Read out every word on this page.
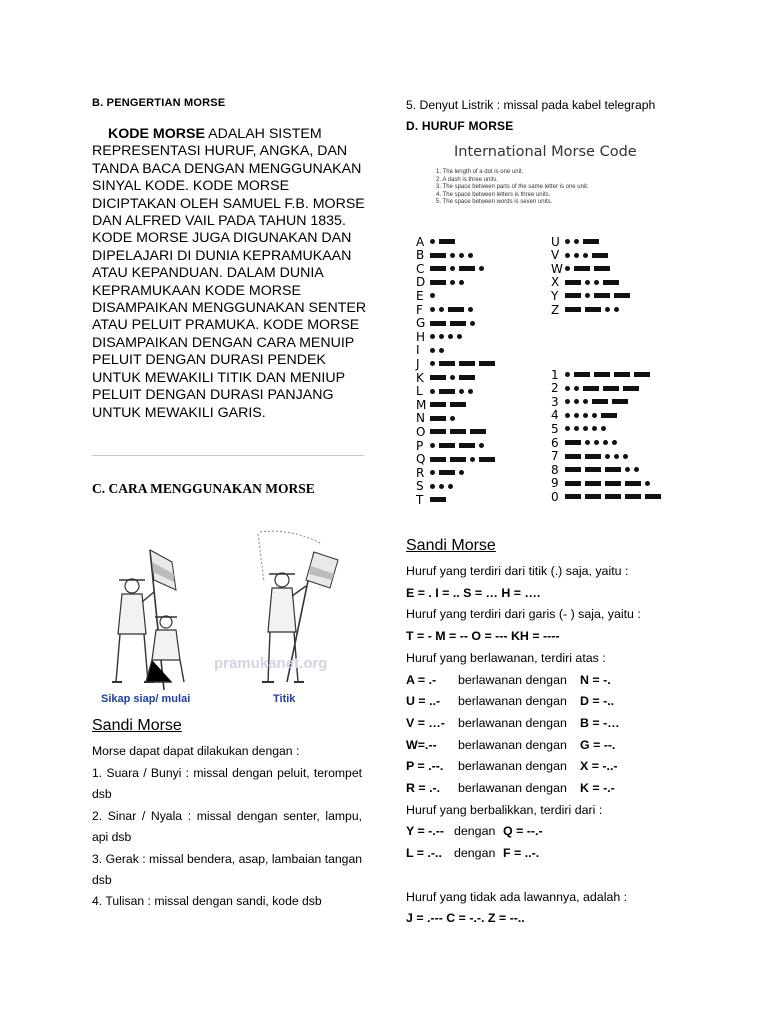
B. PENGERTIAN MORSE
KODE MORSE ADALAH SISTEM REPRESENTASI HURUF, ANGKA, DAN TANDA BACA DENGAN MENGGUNAKAN SINYAL KODE. KODE MORSE DICIPTAKAN OLEH SAMUEL F.B. MORSE DAN ALFRED VAIL PADA TAHUN 1835. KODE MORSE JUGA DIGUNAKAN DAN DIPELAJARI DI DUNIA KEPRAMUKAAN ATAU KEPANDUAN. DALAM DUNIA KEPRAMUKAAN KODE MORSE DISAMPAIKAN MENGGUNAKAN SENTER ATAU PELUIT PRAMUKA. KODE MORSE DISAMPAIKAN DENGAN CARA MENUIP PELUIT DENGAN DURASI PENDEK UNTUK MEWAKILI TITIK DAN MENIUP PELUIT DENGAN DURASI PANJANG UNTUK MEWAKILI GARIS.
C. CARA MENGGUNAKAN MORSE
pramukanet.org
Sikap siap/ mulai	Titik
Sandi Morse
Morse dapat dapat dilakukan dengan :
1. Suara / Bunyi : missal dengan peluit, terompet dsb
2. Sinar / Nyala : missal dengan senter, lampu, api dsb
3. Gerak : missal bendera, asap, lambaian tangan dsb
4. Tulisan : missal dengan sandi, kode dsb
5. Denyut Listrik : missal pada kabel telegraph
D. HURUF MORSE
International Morse Code
1. The length of a dot is one unit.
2. A dash is three units.
3. The space between parts of the same letter is one unit.
4. The space between letters is three units.
5. The space between words is seven units.
A
B
C
D
E
F
G
H
I
J
K
L
M
N
O
P
Q
R
S
T
U
V
W
X
Y
Z
1
2
3
4
5
6
7
8
9
0
Sandi Morse
Huruf yang terdiri dari titik (.) saja, yaitu :
E = . I = .. S = … H = ….
Huruf yang terdiri dari garis (- ) saja, yaitu :
T = - M = -- O = --- KH = ----
Huruf yang berlawanan, terdiri atas :
A = .- berlawanan dengan N = -.
U = ..- berlawanan dengan D = -..
V = …- berlawanan dengan B = -…
W=.-- berlawanan dengan G = --.
P = .--. berlawanan dengan X = -..-
R = .-. berlawanan dengan K = -.-
Huruf yang berbalikkan, terdiri dari :
Y = -.-- dengan Q = --.-
L = .-.. dengan F = ..-.

Huruf yang tidak ada lawannya, adalah :
J = .--- C = -.-. Z = --..
